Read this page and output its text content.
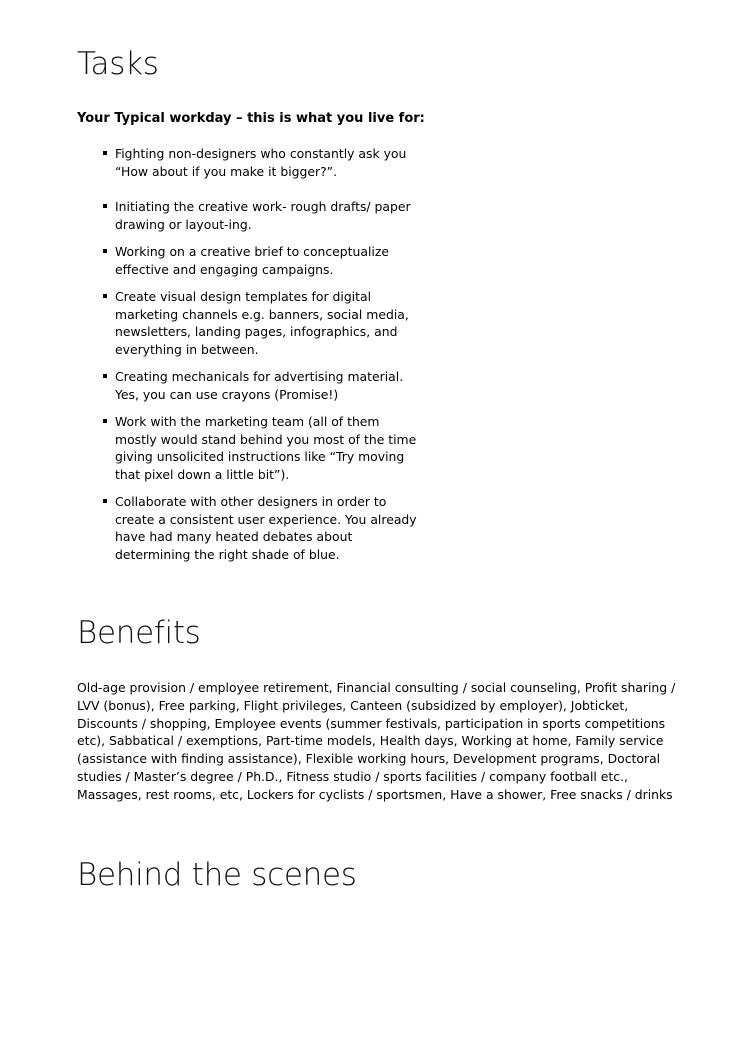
Tasks

Your Typical workday – this is what you live for:

Fighting non-designers who constantly ask you “How about if you make it bigger?”.
Initiating the creative work- rough drafts/ paper drawing or layout-ing.
Working on a creative brief to conceptualize effective and engaging campaigns.
Create visual design templates for digital marketing channels e.g. banners, social media, newsletters, landing pages, infographics, and everything in between.
Creating mechanicals for advertising material. Yes, you can use crayons (Promise!)
Work with the marketing team (all of them mostly would stand behind you most of the time giving unsolicited instructions like “Try moving that pixel down a little bit”).
Collaborate with other designers in order to create a consistent user experience. You already have had many heated debates about determining the right shade of blue.
Benefits

Old-age provision / employee retirement, Financial consulting / social counseling, Profit sharing / LVV (bonus), Free parking, Flight privileges, Canteen (subsidized by employer), Jobticket, Discounts / shopping, Employee events (summer festivals, participation in sports competitions etc), Sabbatical / exemptions, Part-time models, Health days, Working at home, Family service (assistance with finding assistance), Flexible working hours, Development programs, Doctoral studies / Master’s degree / Ph.D., Fitness studio / sports facilities / company football etc., Massages, rest rooms, etc, Lockers for cyclists / sportsmen, Have a shower, Free snacks / drinks

Behind the scenes
